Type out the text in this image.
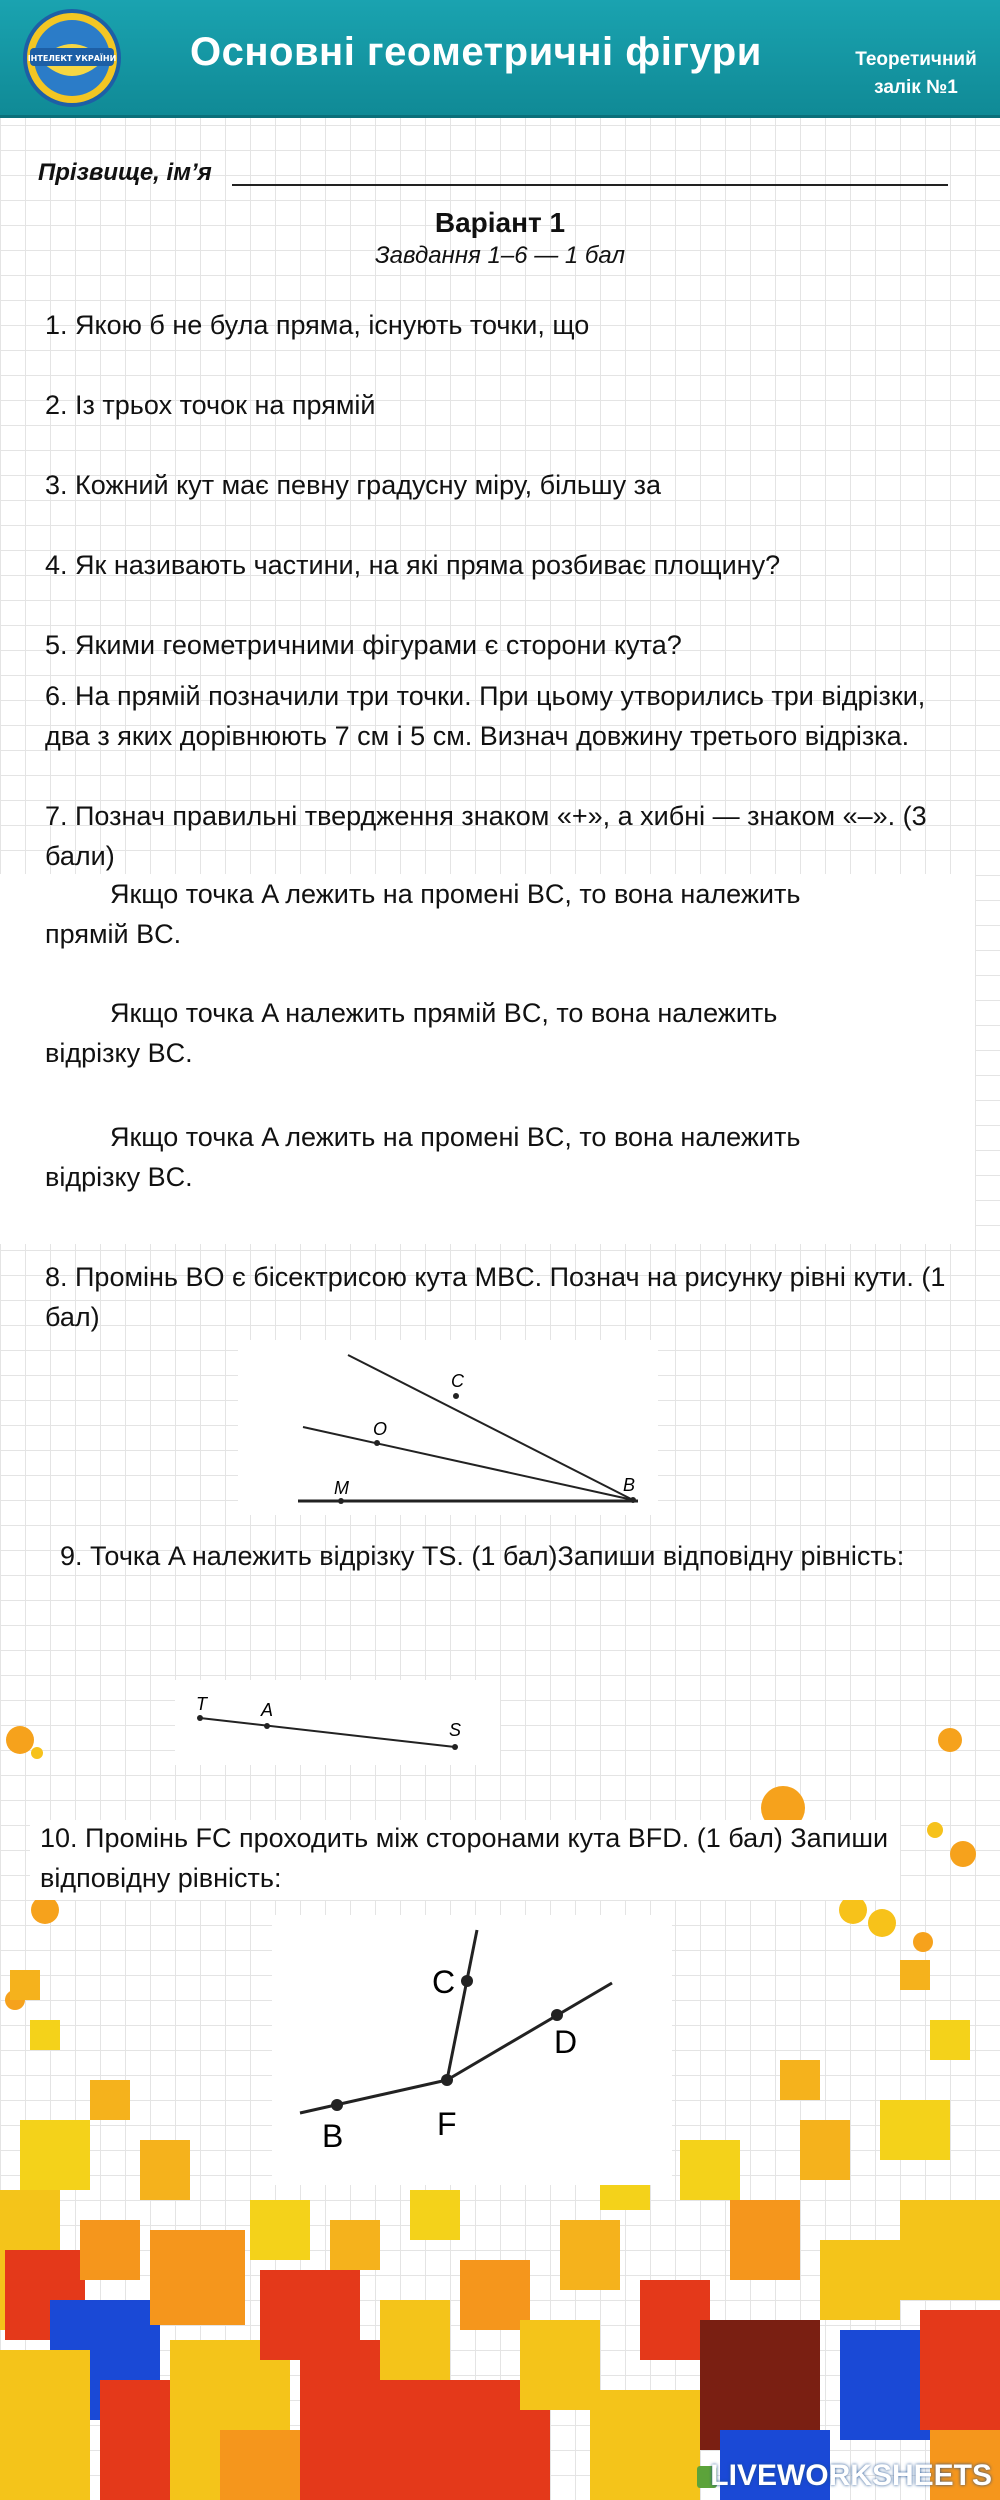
ІНТЕЛЕКТ УКРАЇНИ Основні геометричні фігури	Теоретичний
залік №1
Прізвище, ім’я
Варіант 1
Завдання 1–6 — 1 бал
1. Якою б не була пряма, існують точки, що
2. Із трьох точок на прямій
3. Кожний кут має певну градусну міру, більшу за
4. Як називають частини, на які пряма розбиває площину?
5. Якими геометричними фігурами є сторони кута?
6. На прямій позначили три точки. При цьому утворились три відрізки, два з яких дорівнюють 7 см і 5 см. Визнач довжину третього відрізка.
7. Познач правильні твердження знаком «+», а хибні — знаком «–». (3 бали)
Якщо точка A лежить на промені BC, то вона належить
прямій BC.
Якщо точка A належить прямій BC, то вона належить
відрізку BC.
Якщо точка A лежить на промені BC, то вона належить
відрізку BC.
8. Промінь BO є бісектрисою кута MBC. Познач на рисунку рівні кути. (1 бал)
C
O
M	B
9. Точка A належить відрізку TS. (1 бал)Запиши відповідну рівність:
T	A
S
10. Промінь FC проходить між сторонами кута BFD. (1 бал) Запиши відповідну рівність:
C
D
B	F
LIVEWORKSHEETS
